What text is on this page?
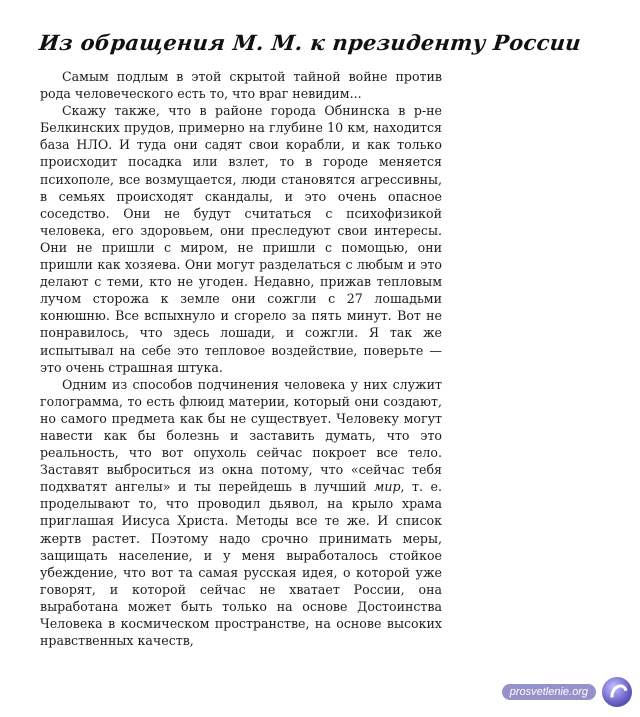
Из обращения М. М. к президенту России

Самым подлым в этой скрытой тайной войне против рода человеческого есть то, что враг невидим...

Скажу также, что в районе города Обнинска в р-не Белкинских прудов, примерно на глубине 10 км, находится база НЛО. И туда они садят свои корабли, и как только происходит посадка или взлет, то в городе меняется психополе, все возмущается, люди становятся агрессивны, в семьях происходят скандалы, и это очень опасное соседство. Они не будут считаться с психофизикой человека, его здоровьем, они преследуют свои интересы. Они не пришли с миром, не пришли с помощью, они пришли как хозяева. Они могут разделаться с любым и это делают с теми, кто не угоден. Недавно, прижав тепловым лучом сторожа к земле они сожгли с 27 лошадьми конюшню. Все вспыхнуло и сгорело за пять минут. Вот не понравилось, что здесь лошади, и сожгли. Я так же испытывал на себе это тепловое воздействие, поверьте — это очень страшная штука.

Одним из способов подчинения человека у них служит голограмма, то есть флюид материи, который они создают, но самого предмета как бы не существует. Человеку могут навести как бы болезнь и заставить думать, что это реальность, что вот опухоль сейчас покроет все тело. Заставят выброситься из окна потому, что «сейчас тебя подхватят ангелы» и ты перейдешь в лучший мир, т. е. проделывают то, что проводил дьявол, на крыло храма приглашая Иисуса Христа. Методы все те же. И список жертв растет. Поэтому надо срочно принимать меры, защищать население, и у меня выработалось стойкое убеждение, что вот та самая русская идея, о которой уже говорят, и которой сейчас не хватает России, она выработана может быть только на основе Достоинства Человека в космическом пространстве, на основе высоких нравственных качеств,

prosvetlenie.org
